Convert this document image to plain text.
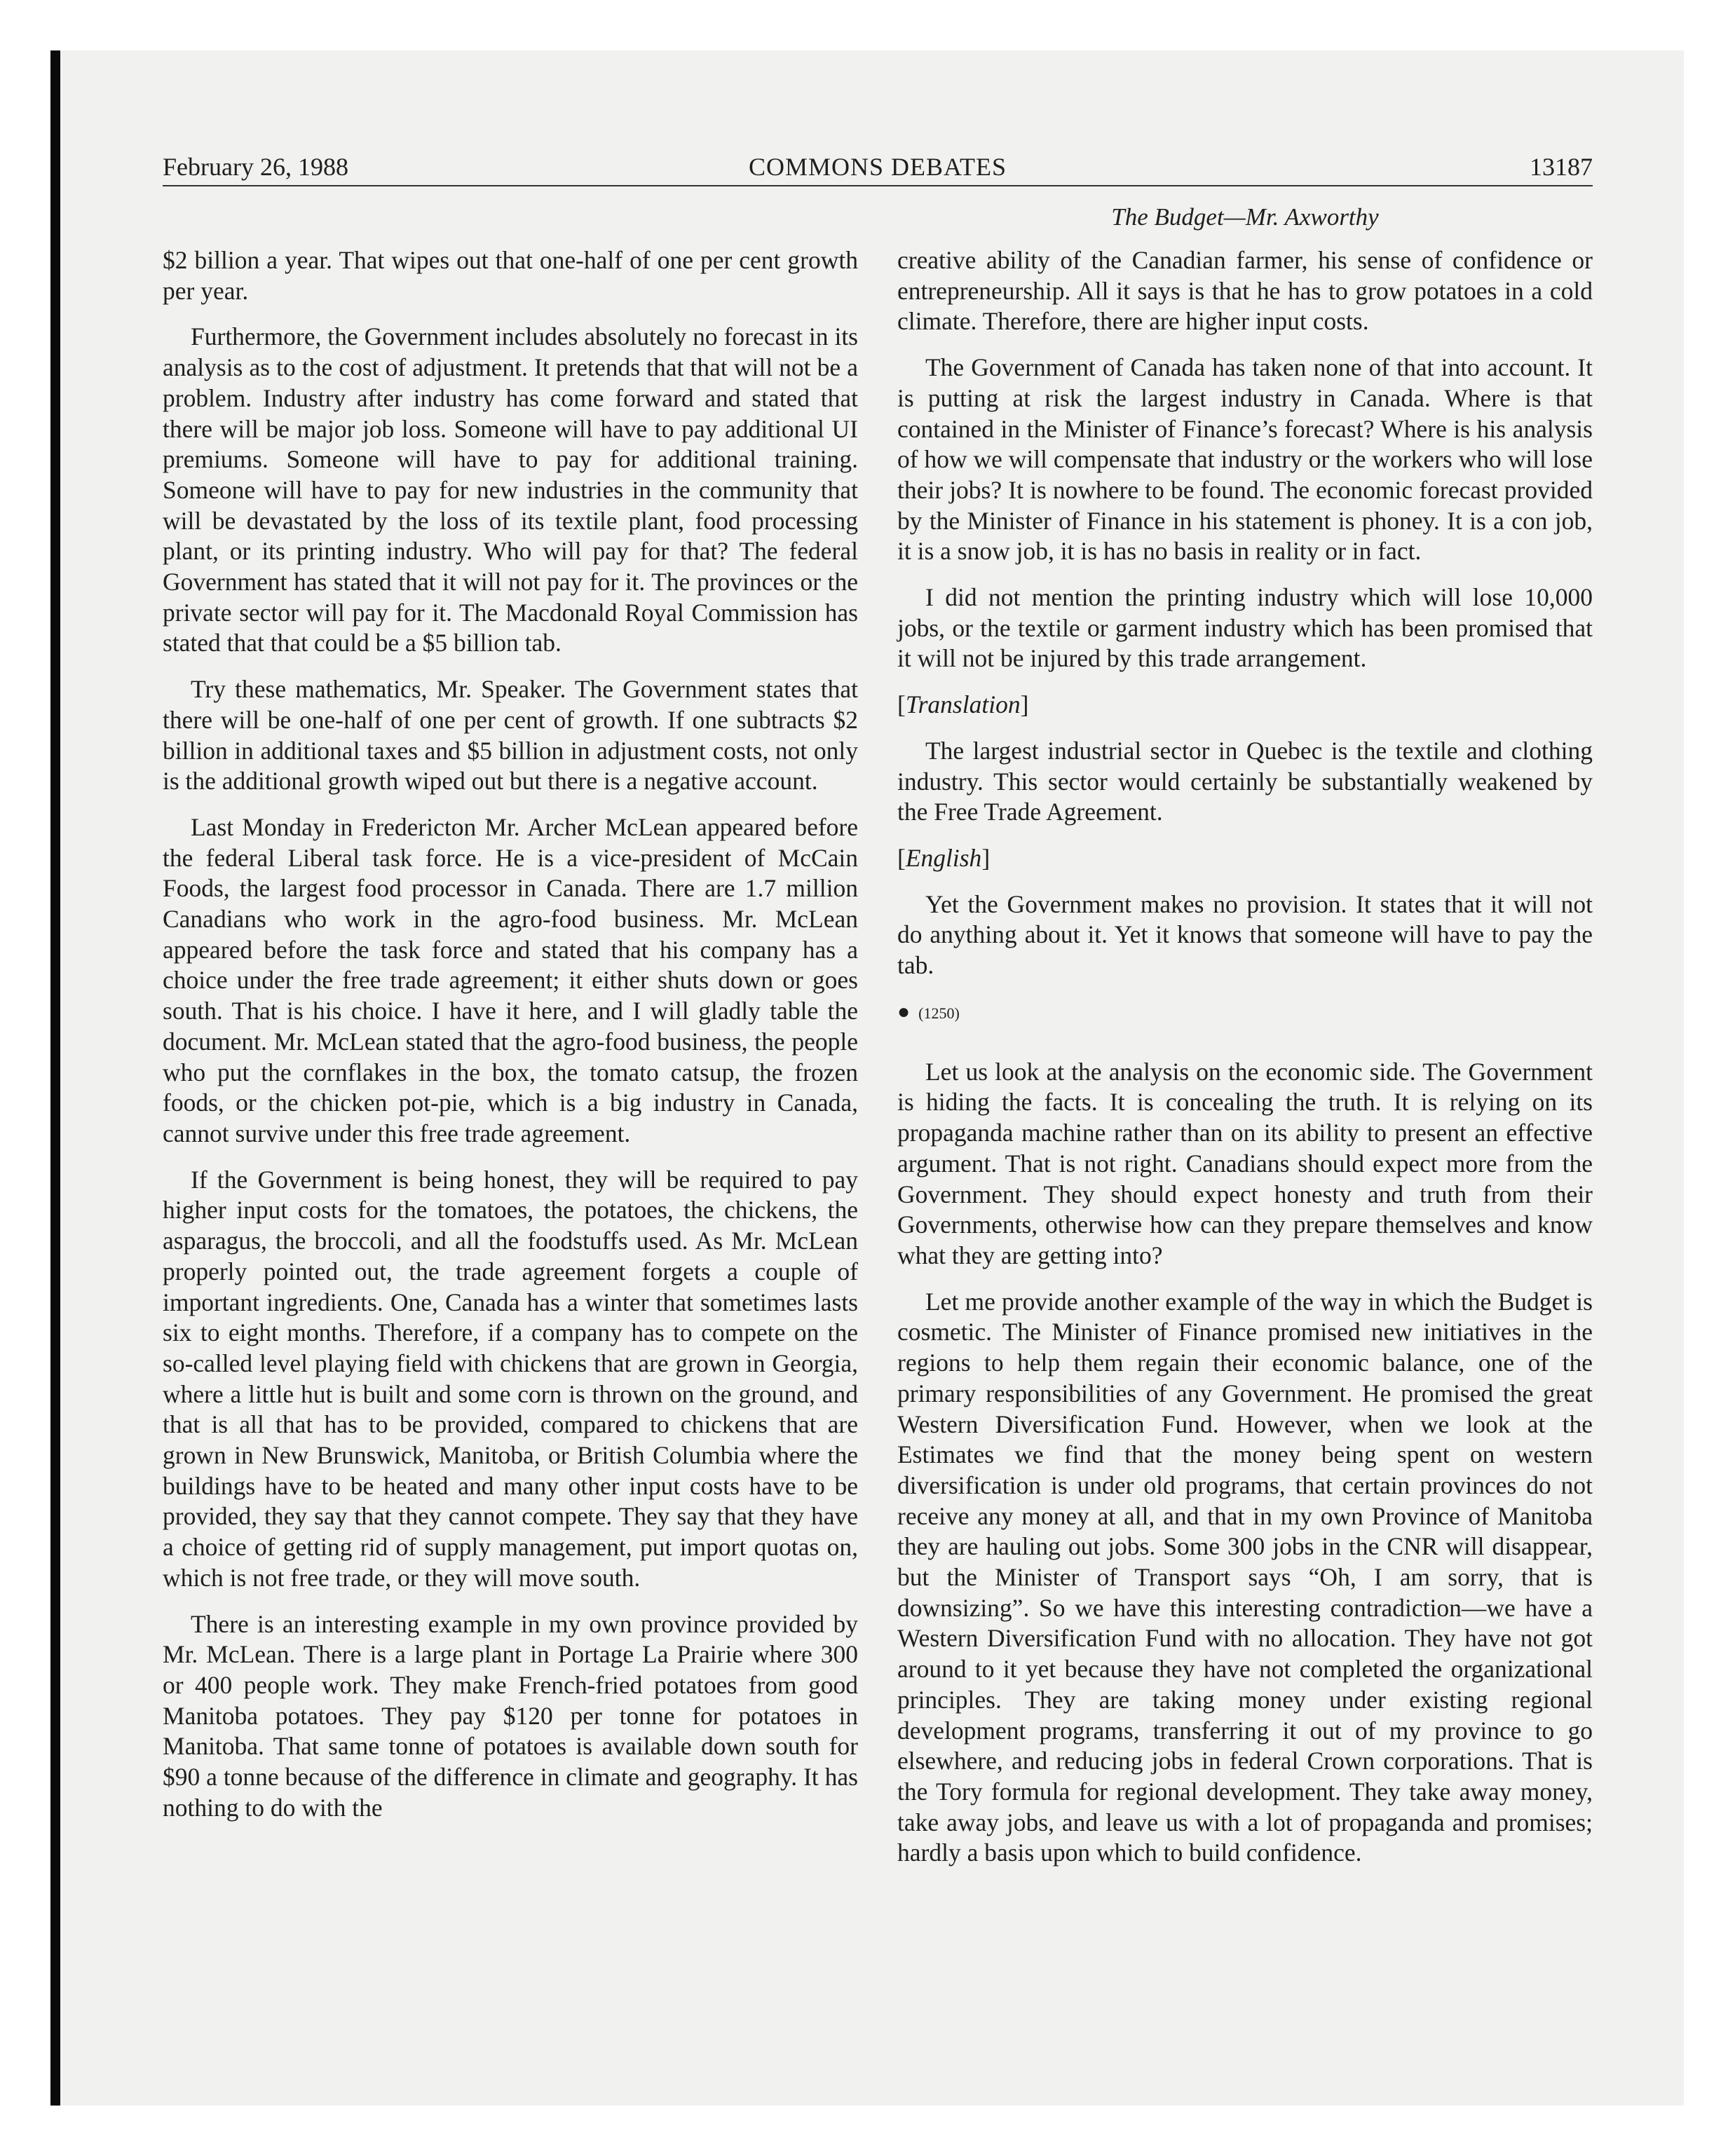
February 26, 1988	COMMONS DEBATES	13187
The Budget—Mr. Axworthy

$2 billion a year. That wipes out that one-half of one per cent growth per year.

Furthermore, the Government includes absolutely no forecast in its analysis as to the cost of adjustment. It pretends that that will not be a problem. Industry after industry has come forward and stated that there will be major job loss. Someone will have to pay additional UI premiums. Someone will have to pay for additional training. Someone will have to pay for new industries in the community that will be devastated by the loss of its textile plant, food processing plant, or its printing industry. Who will pay for that? The federal Government has stated that it will not pay for it. The provinces or the private sector will pay for it. The Macdonald Royal Commission has stated that that could be a $5 billion tab.

Try these mathematics, Mr. Speaker. The Government states that there will be one-half of one per cent of growth. If one subtracts $2 billion in additional taxes and $5 billion in adjustment costs, not only is the additional growth wiped out but there is a negative account.

Last Monday in Fredericton Mr. Archer McLean appeared before the federal Liberal task force. He is a vice-president of McCain Foods, the largest food processor in Canada. There are 1.7 million Canadians who work in the agro-food business. Mr. McLean appeared before the task force and stated that his company has a choice under the free trade agreement; it either shuts down or goes south. That is his choice. I have it here, and I will gladly table the document. Mr. McLean stated that the agro-food business, the people who put the cornflakes in the box, the tomato catsup, the frozen foods, or the chicken pot-pie, which is a big industry in Canada, cannot survive under this free trade agreement.

If the Government is being honest, they will be required to pay higher input costs for the tomatoes, the potatoes, the chickens, the asparagus, the broccoli, and all the foodstuffs used. As Mr. McLean properly pointed out, the trade agreement forgets a couple of important ingredients. One, Canada has a winter that sometimes lasts six to eight months. Therefore, if a company has to compete on the so-called level playing field with chickens that are grown in Georgia, where a little hut is built and some corn is thrown on the ground, and that is all that has to be provided, compared to chickens that are grown in New Brunswick, Manitoba, or British Columbia where the buildings have to be heated and many other input costs have to be provided, they say that they cannot compete. They say that they have a choice of getting rid of supply management, put import quotas on, which is not free trade, or they will move south.

There is an interesting example in my own province provided by Mr. McLean. There is a large plant in Portage La Prairie where 300 or 400 people work. They make French-fried potatoes from good Manitoba potatoes. They pay $120 per tonne for potatoes in Manitoba. That same tonne of potatoes is available down south for $90 a tonne because of the difference in climate and geography. It has nothing to do with the

creative ability of the Canadian farmer, his sense of confidence or entrepreneurship. All it says is that he has to grow potatoes in a cold climate. Therefore, there are higher input costs.

The Government of Canada has taken none of that into account. It is putting at risk the largest industry in Canada. Where is that contained in the Minister of Finance’s forecast? Where is his analysis of how we will compensate that industry or the workers who will lose their jobs? It is nowhere to be found. The economic forecast provided by the Minister of Finance in his statement is phoney. It is a con job, it is a snow job, it is has no basis in reality or in fact.

I did not mention the printing industry which will lose 10,000 jobs, or the textile or garment industry which has been promised that it will not be injured by this trade arrangement.

[Translation]

The largest industrial sector in Quebec is the textile and clothing industry. This sector would certainly be substantially weakened by the Free Trade Agreement.

[English]

Yet the Government makes no provision. It states that it will not do anything about it. Yet it knows that someone will have to pay the tab.

● (1250)

Let us look at the analysis on the economic side. The Government is hiding the facts. It is concealing the truth. It is relying on its propaganda machine rather than on its ability to present an effective argument. That is not right. Canadians should expect more from the Government. They should expect honesty and truth from their Governments, otherwise how can they prepare themselves and know what they are getting into?

Let me provide another example of the way in which the Budget is cosmetic. The Minister of Finance promised new initiatives in the regions to help them regain their economic balance, one of the primary responsibilities of any Government. He promised the great Western Diversification Fund. However, when we look at the Estimates we find that the money being spent on western diversification is under old programs, that certain provinces do not receive any money at all, and that in my own Province of Manitoba they are hauling out jobs. Some 300 jobs in the CNR will disappear, but the Minister of Transport says “Oh, I am sorry, that is downsizing”. So we have this interesting contradiction—we have a Western Diversification Fund with no allocation. They have not got around to it yet because they have not completed the organizational principles. They are taking money under existing regional development programs, transferring it out of my province to go elsewhere, and reducing jobs in federal Crown corporations. That is the Tory formula for regional development. They take away money, take away jobs, and leave us with a lot of propaganda and promises; hardly a basis upon which to build confidence.
